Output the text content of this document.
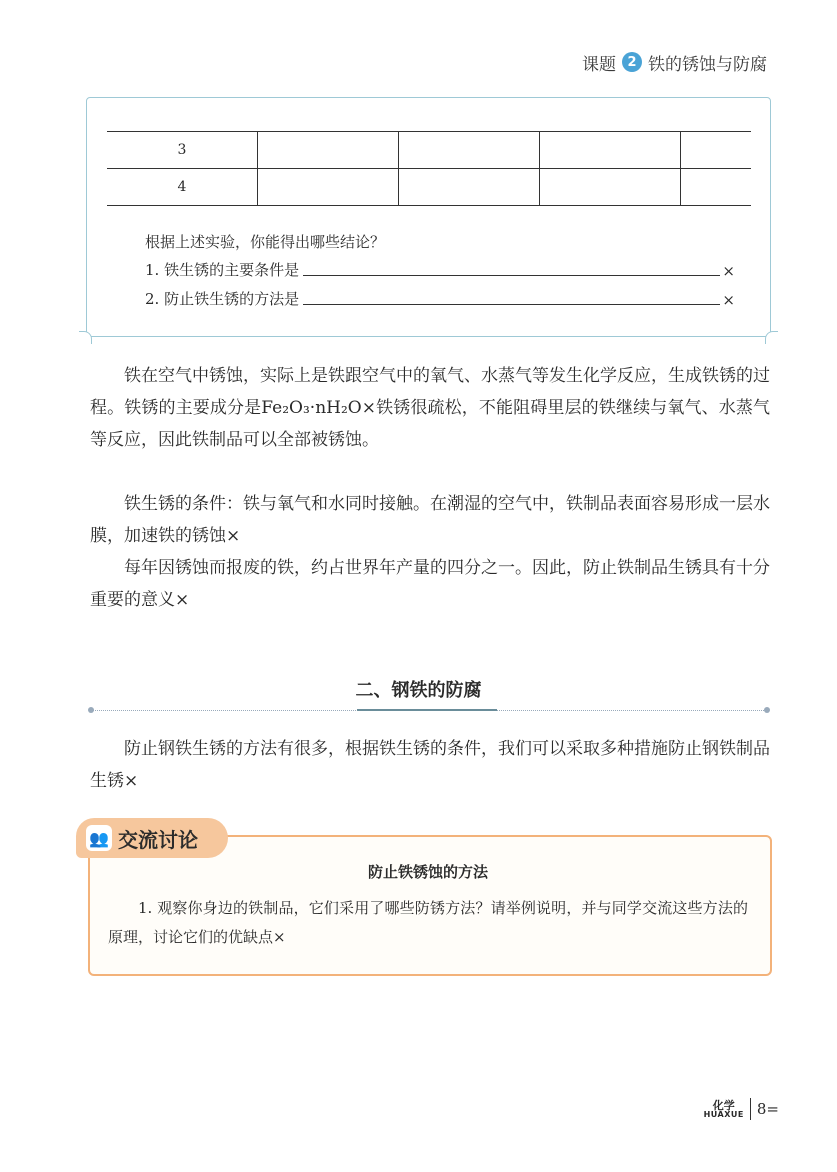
课题 2 铁的锈蚀与防腐
3				
4				
根据上述实验，你能得出哪些结论？
1. 铁生锈的主要条件是	×
2. 防止铁生锈的方法是	×
铁在空气中锈蚀，实际上是铁跟空气中的氧气、水蒸气等发生化学反应，生成铁锈的过程。铁锈的主要成分是Fe₂O₃·nH₂O×铁锈很疏松，不能阻碍里层的铁继续与氧气、水蒸气等反应，因此铁制品可以全部被锈蚀。
铁生锈的条件：铁与氧气和水同时接触。在潮湿的空气中，铁制品表面容易形成一层水膜，加速铁的锈蚀×
每年因锈蚀而报废的铁，约占世界年产量的四分之一。因此，防止铁制品生锈具有十分重要的意义×
二、钢铁的防腐
防止钢铁生锈的方法有很多，根据铁生锈的条件，我们可以采取多种措施防止钢铁制品生锈×
👥 交流讨论
防止铁锈蚀的方法
1. 观察你身边的铁制品，它们采用了哪些防锈方法？请举例说明，并与同学交流这些方法的原理，讨论它们的优缺点×
化学
HUAXUE 8=
